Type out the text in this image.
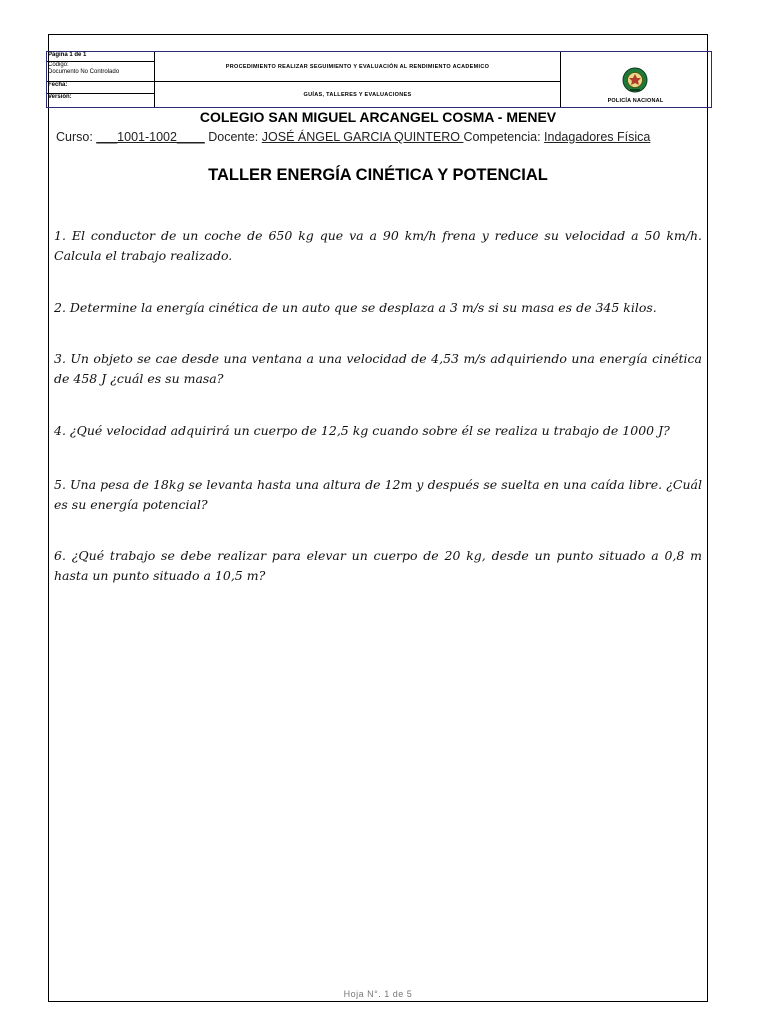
Página 1 de 1
Código:
Documento No Controlado
Fecha:
Versión:
PROCEDIMIENTO REALIZAR SEGUIMIENTO Y EVALUACIÓN AL RENDIMIENTO ACADEMICO
GUÍAS, TALLERES Y EVALUACIONES
POLICÍA NACIONAL
COLEGIO SAN MIGUEL ARCANGEL COSMA - MENEV
Curso: ___1001-1002____ Docente: JOSÉ ÁNGEL GARCIA QUINTERO Competencia: Indagadores Física
TALLER ENERGÍA CINÉTICA Y POTENCIAL
1. El conductor de un coche de 650 kg que va a 90 km/h frena y reduce su velocidad a 50 km/h. Calcula el trabajo realizado.
2. Determine la energía cinética de un auto que se desplaza a 3 m/s si su masa es de 345 kilos.
3. Un objeto se cae desde una ventana a una velocidad de 4,53 m/s adquiriendo una energía cinética de 458 J ¿cuál es su masa?
4. ¿Qué velocidad adquirirá un cuerpo de 12,5 kg cuando sobre él se realiza u trabajo de 1000 J?
5. Una pesa de 18kg se levanta hasta una altura de 12m y después se suelta en una caída libre. ¿Cuál es su energía potencial?
6. ¿Qué trabajo se debe realizar para elevar un cuerpo de 20 kg, desde un punto situado a 0,8 m hasta un punto situado a 10,5 m?
Hoja N°. 1 de 5
